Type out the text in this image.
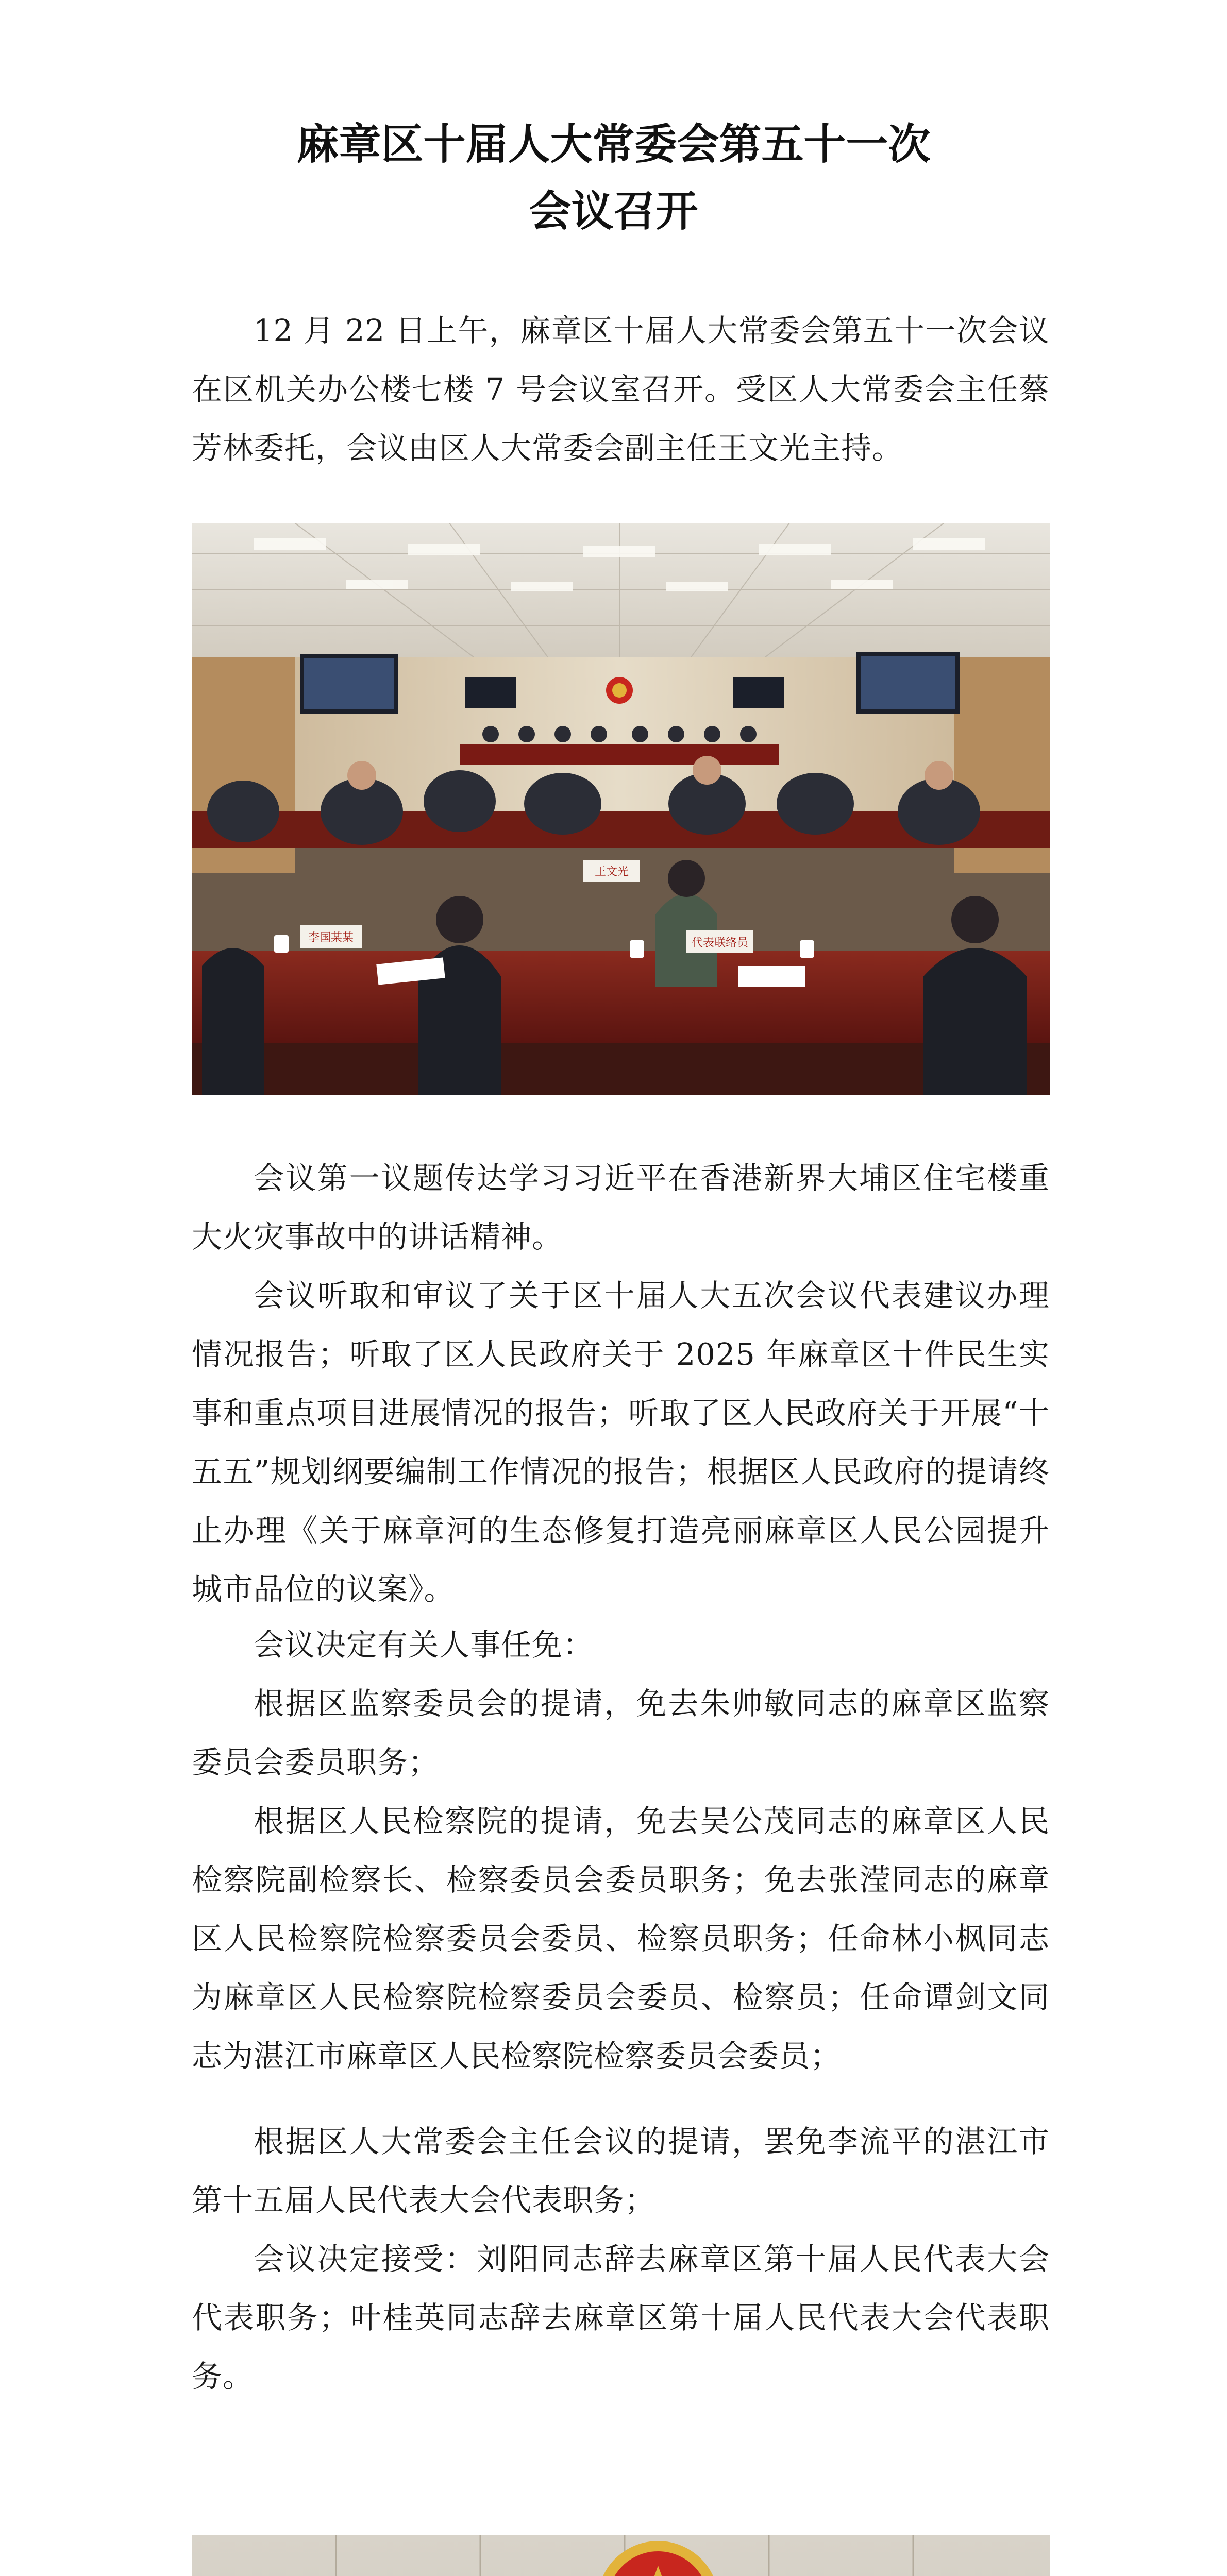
麻章区十届人大常委会第五十一次
会议召开

12 月 22 日上午，麻章区十届人大常委会第五十一次会议在区机关办公楼七楼 7 号会议室召开。受区人大常委会主任蔡芳林委托，会议由区人大常委会副主任王文光主持。

李国某某
王文光
代表联络员

会议第一议题传达学习习近平在香港新界大埔区住宅楼重大火灾事故中的讲话精神。

会议听取和审议了关于区十届人大五次会议代表建议办理情况报告；听取了区人民政府关于 2025 年麻章区十件民生实事和重点项目进展情况的报告；听取了区人民政府关于开展“十五五”规划纲要编制工作情况的报告；根据区人民政府的提请终止办理《关于麻章河的生态修复打造亮丽麻章区人民公园提升城市品位的议案》。

会议决定有关人事任免：

根据区监察委员会的提请，免去朱帅敏同志的麻章区监察委员会委员职务；

根据区人民检察院的提请，免去吴公茂同志的麻章区人民检察院副检察长、检察委员会委员职务；免去张滢同志的麻章区人民检察院检察委员会委员、检察员职务；任命林小枫同志为麻章区人民检察院检察委员会委员、检察员；任命谭剑文同志为湛江市麻章区人民检察院检察委员会委员；

根据区人大常委会主任会议的提请，罢免李流平的湛江市第十五届人民代表大会代表职务；

会议决定接受：刘阳同志辞去麻章区第十届人民代表大会代表职务；叶桂英同志辞去麻章区第十届人民代表大会代表职务。
